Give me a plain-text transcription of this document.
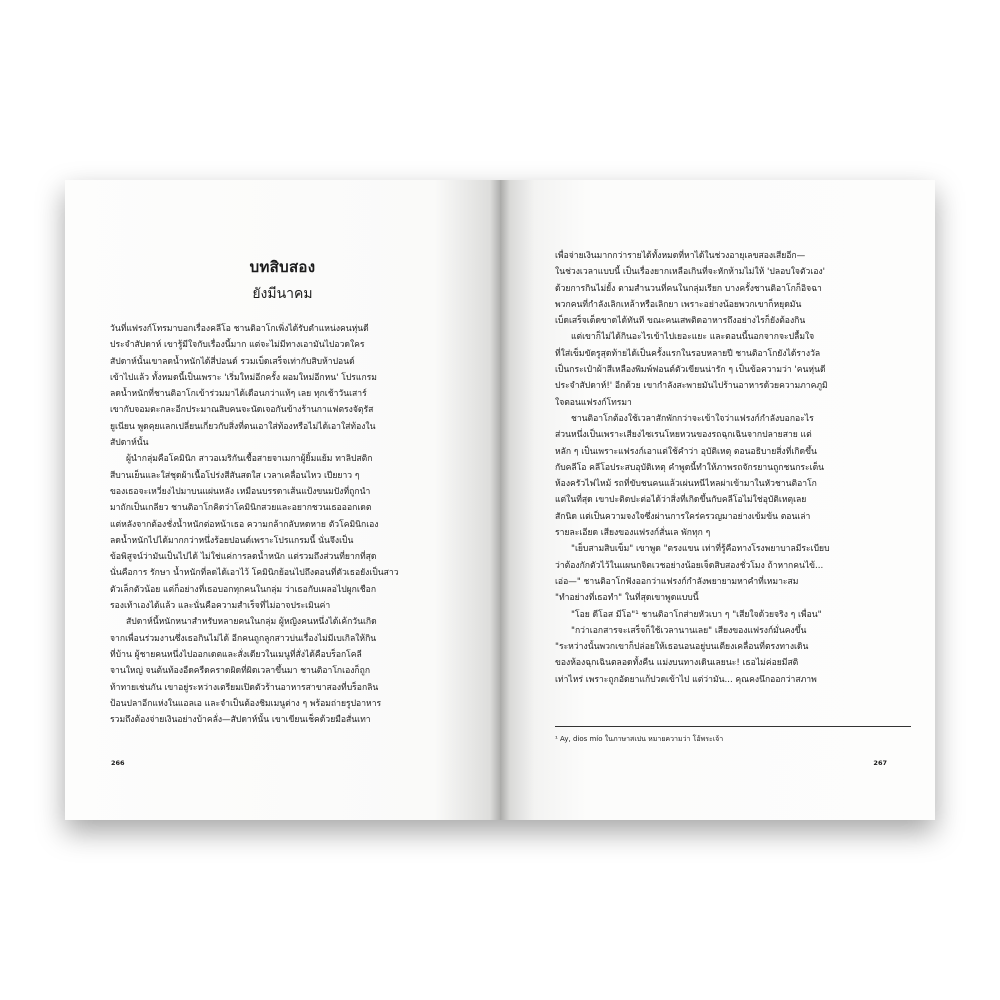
บทสิบสอง
ยังมีนาคม
วันที่แฟรงก์โทรมาบอกเรื่องคลีโอ ชานติอาโกเพิ่งได้รับตำแหน่งคนหุ่นดี
ประจำสัปดาห์ เขารู้มีใจกับเรื่องนี้มาก แต่จะไม่มีทางเอามันไปอวดใคร
สัปดาห์นั้นเขาลดน้ำหนักได้สี่ปอนด์ รวมเบ็ดเสร็จเท่ากับสิบห้าปอนด์
เข้าไปแล้ว ทั้งหมดนี้เป็นเพราะ 'เริ่มใหม่อีกครั้ง ผอมใหม่อีกหน' โปรแกรม
ลดน้ำหนักที่ชานติอาโกเข้าร่วมมาได้เดือนกว่าแท้ๆ เลย ทุกเช้าวันเสาร์
เขากับจอมตะกละอีกประมาณสิบคนจะนัดเจอกันข้างร้านกาแฟตรงจัตุรัส
ยูเนียน พูดคุยแลกเปลี่ยนเกี่ยวกับสิ่งที่ตนเอาใส่ท้องหรือไม่ได้เอาใส่ท้องใน
สัปดาห์นั้น
ผู้นำกลุ่มคือโคมินิก สาวอเมริกันเชื้อสายจาเมกาผู้ยิ้มแย้ม ทาลิปสติก
สีบานเย็นและใส่ชุดผ้าเนื้อโปร่งสีสันสดใส เวลาเคลื่อนไหว เปียยาว ๆ
ของเธอจะเหวี่ยงไปมาบนแผ่นหลัง เหมือนบรรดาเส้นแป้งขนมปังที่ถูกนำ
มาถักเป็นเกลียว ชานติอาโกคิดว่าโคมินิกสวยและอยากชวนเธอออกเดต
แต่หลังจากต้องชั่งน้ำหนักต่อหน้าเธอ ความกล้ากลับหดหาย ตัวโคมินิกเอง
ลดน้ำหนักไปได้มากกว่าหนึ่งร้อยปอนด์เพราะโปรแกรมนี้ นั่นจึงเป็น
ข้อพิสูจน์ว่ามันเป็นไปได้ ไม่ใช่แค่การลดน้ำหนัก แต่รวมถึงส่วนที่ยากที่สุด
นั่นคือการ รักษา น้ำหนักที่ลดได้เอาไว้ โคมินิกย้อนไปถึงตอนที่ตัวเธอยังเป็นสาว
ตัวเล็กตัวน้อย แต่ก็อย่างที่เธอบอกทุกคนในกลุ่ม ว่าเธอกับเผลอไปผูกเชือก
รองเท้าเองได้แล้ว และนั่นคือความสำเร็จที่ไม่อาจประเมินค่า
สัปดาห์นี้หนักหนาสำหรับหลายคนในกลุ่ม ผู้หญิงคนหนึ่งได้เค้กวันเกิด
จากเพื่อนร่วมงานซึ่งเธอกินไม่ได้ อีกคนถูกลูกสาวบ่นเรื่องไม่มีเบเกิลให้กิน
ที่บ้าน ผู้ชายคนหนึ่งไปออกเดตและสั่งเดียวในเมนูที่สั่งได้คือบร็อกโคลี
จานใหญ่ จนต้นท้องอืดครืดคราดผิดที่ผิดเวลาขึ้นมา ชานติอาโกเองก็ถูก
ท้าทายเช่นกัน เขาอยู่ระหว่างเตรียมเปิดตัวร้านอาหารสาขาสองที่บร็อกลิน
ป้อนปลาอีกแห่งในแอลเอ และจำเป็นต้องชิมเมนูต่าง ๆ พร้อมถ่ายรูปอาหาร
รวมถึงต้องจ่ายเงินอย่างบ้าคลั่ง—สัปดาห์นั้น เขาเขียนเช็คด้วยมือสั่นเทา
266
เพื่อจ่ายเงินมากกว่ารายได้ทั้งหมดที่หาได้ในช่วงอายุเลขสองเสียอีก—
ในช่วงเวลาแบบนี้ เป็นเรื่องยากเหลือเกินที่จะหักห้ามไม่ให้ 'ปลอบใจตัวเอง'
ด้วยการกินไม่ยั้ง ตามสำนวนที่คนในกลุ่มเรียก บางครั้งชานติอาโกก็อิจฉา
พวกคนที่กำลังเลิกเหล้าหรือเลิกยา เพราะอย่างน้อยพวกเขาก็หยุดมัน
เบ็ดเสร็จเด็ดขาดได้ทันที ขณะคนเสพติดอาหารถึงอย่างไรก็ยังต้องกิน
แต่เขาก็ไม่ได้กินอะไรเข้าไปเยอะแยะ และตอนนี้นอกจากจะปลื้มใจ
ที่ใส่เข็มขัดรูสุดท้ายได้เป็นครั้งแรกในรอบหลายปี ชานติอาโกยังได้รางวัล
เป็นกระเป๋าผ้าสีเหลืองพิมพ์ฟอนต์ตัวเขียนน่ารัก ๆ เป็นข้อความว่า 'คนหุ่นดี
ประจำสัปดาห์!' อีกด้วย เขากำลังสะพายมันไปร้านอาหารด้วยความภาคภูมิ
ใจตอนแฟรงก์โทรมา
ชานติอาโกต้องใช้เวลาสักพักกว่าจะเข้าใจว่าแฟรงก์กำลังบอกอะไร
ส่วนหนึ่งเป็นเพราะเสียงไซเรนโหยหวนของรถฉุกเฉินจากปลายสาย แต่
หลัก ๆ เป็นเพราะแฟรงก์เอาแต่ใช้คำว่า อุบัติเหตุ ตอนอธิบายสิ่งที่เกิดขึ้น
กับคลีโอ คลีโอประสบอุบัติเหตุ คำพูดนี้ทำให้ภาพรถจักรยานถูกชนกระเด็น
ห้องครัวไฟไหม้ รถที่ขับชนคนแล้วเผ่นหนีไหลผ่าเข้ามาในหัวชานติอาโก
แต่ในที่สุด เขาปะติดปะต่อได้ว่าสิ่งที่เกิดขึ้นกับคลีโอไม่ใช่อุบัติเหตุเลย
สักนิด แต่เป็นความจงใจซึ่งผ่านการใคร่ครวญมาอย่างเข้มข้น ตอนเล่า
รายละเอียด เสียงของแฟรงก์สั่นเล พักทุก ๆ
"เย็บสามสิบเข็ม" เขาพูด "ตรงแขน เท่าที่รู้คือทางโรงพยาบาลมีระเบียบ
ว่าต้องกักตัวไว้ในแผนกจิตเวชอย่างน้อยเจ็ดสิบสองชั่วโมง ถ้าหากคนไข้...
เอ่อ—" ชานติอาโกฟังออกว่าแฟรงก์กำลังพยายามหาคำที่เหมาะสม
"ทำอย่างที่เธอทำ" ในที่สุดเขาพูดแบบนี้
"โอย ดีโอส มีโอ"¹ ชานติอาโกส่ายหัวเบา ๆ "เสียใจด้วยจริง ๆ เพื่อน"
"กว่าเอกสารจะเสร็จก็ใช้เวลานานเลย" เสียงของแฟรงก์มั่นคงขึ้น
"ระหว่างนั้นพวกเขาก็ปล่อยให้เธอนอนอยู่บนเตียงเคลื่อนที่ตรงทางเดิน
ของห้องฉุกเฉินตลอดทั้งคืน แม่งบนทางเดินเลยนะ! เธอไม่ค่อยมีสติ
เท่าไหร่ เพราะถูกอัดยาแก้ปวดเข้าไป แต่ว่ามัน... คุณคงนึกออกว่าสภาพ
¹ Ay, dios mío ในภาษาสเปน หมายความว่า โอ้พระเจ้า
267
